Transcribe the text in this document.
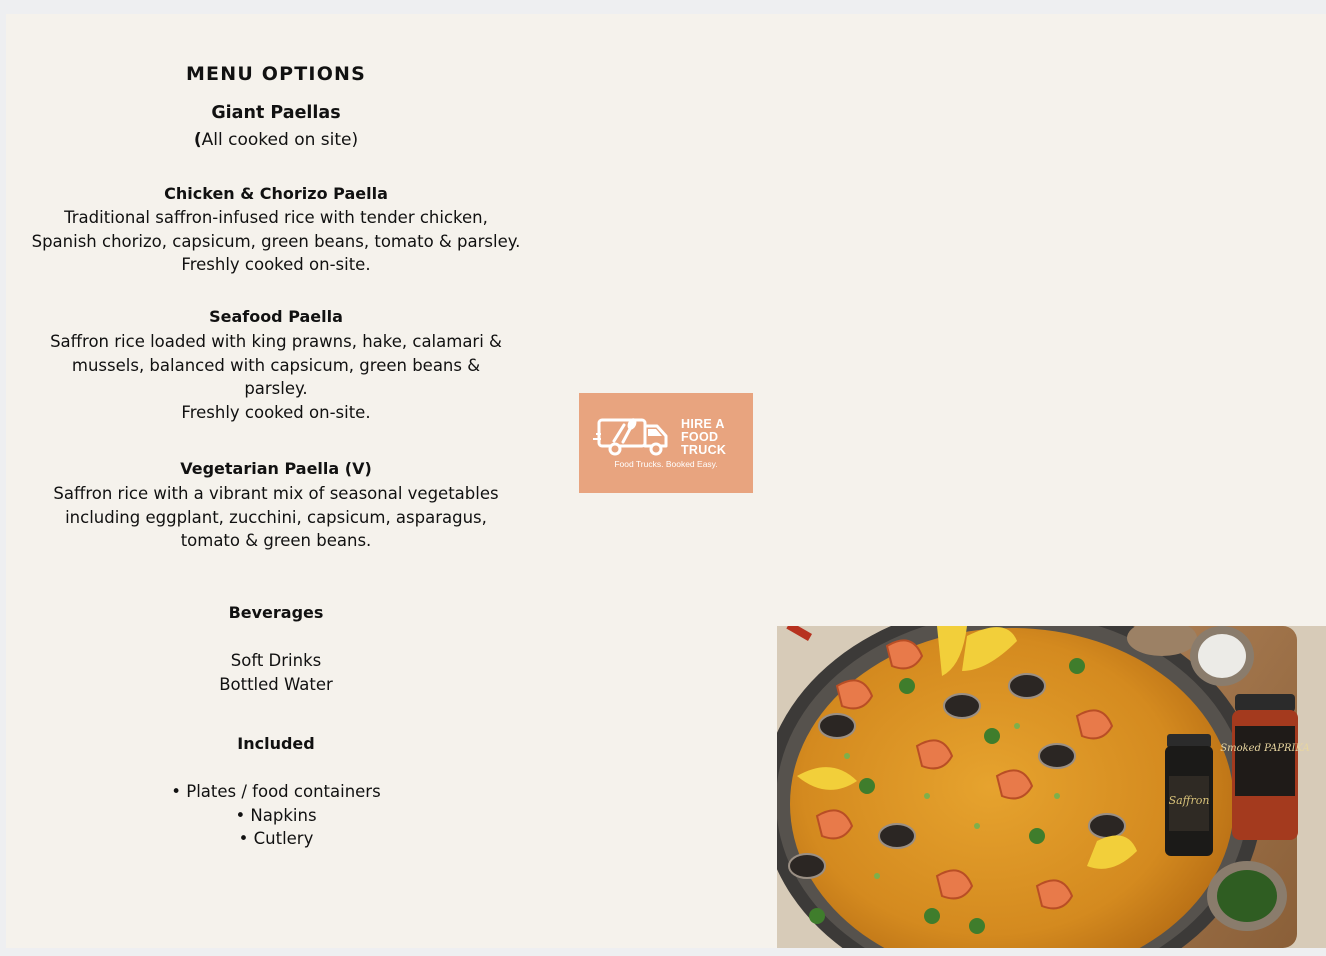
MENU OPTIONS
Giant Paellas
(All cooked on site)
Chicken & Chorizo Paella
Traditional saffron-infused rice with tender chicken,
Spanish chorizo, capsicum, green beans, tomato & parsley.
Freshly cooked on-site.
Seafood Paella
Saffron rice loaded with king prawns, hake, calamari &
mussels, balanced with capsicum, green beans &
parsley.
Freshly cooked on-site.
Vegetarian Paella (V)
Saffron rice with a vibrant mix of seasonal vegetables
including eggplant, zucchini, capsicum, asparagus,
tomato & green beans.
Beverages
Soft Drinks
Bottled Water
Included
• Plates / food containers
• Napkins
• Cutlery
HIRE A
FOOD
TRUCK
Food Trucks. Booked Easy.
Saffron
Smoked PAPRIKA
